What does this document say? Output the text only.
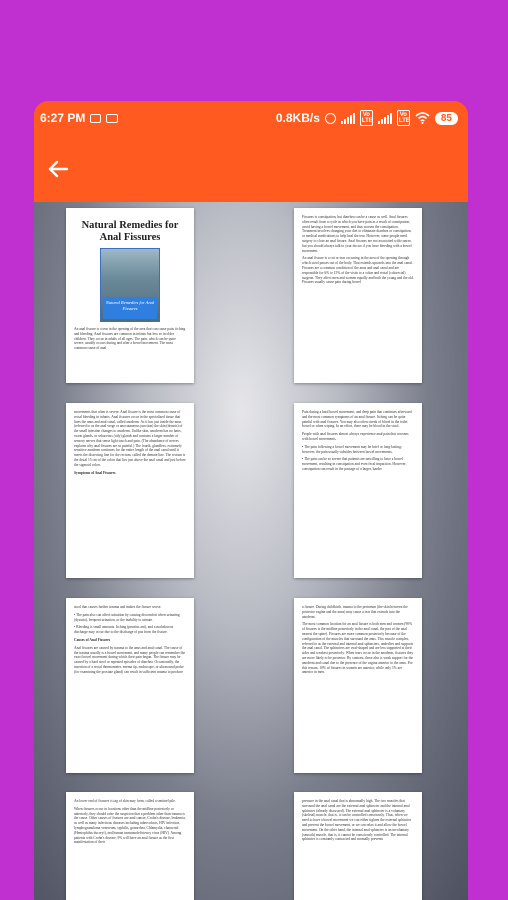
6:27 PM	0.8KB/s	Vo LTE
Vo LTE	85
Natural Remedies for Anal Fissures
Natural Remedies for Anal Fissures

An anal fissure is a tear in the opening of the area that can cause pain, itching and bleeding. Anal fissures are common in infants but less so in older children. They occur in adults of all ages. The pain, which can be quite severe, usually occurs during and after a bowel movement. The most common cause of anal

Fissures is constipation, but diarrhea can be a cause as well. Anal fissures often result from a cycle in which you have pain as a result of constipation, avoid having a bowel movement, and thus worsen the constipation. Treatment involves changing your diet to eliminate diarrhea or constipation, or medical medications to help heal the tear. However, some people need surgery to close an anal fissure. Anal fissures are not associated with cancer, but you should always talk to your doctor if you have bleeding with a bowel movement.

An anal fissure is a cut or tear occurring in the area of the opening through which stool passes out of the body. That extends upwards into the anal canal. Fissures are a common condition of the anus and anal canal and are responsible for 6% to 15% of the visits to a colon and rectal (colorectal) surgeon. They affect men and women equally and both the young and the old. Fissures usually cause pain during bowel

movements that often is severe. Anal fissure is the most common cause of rectal bleeding in infants. Anal fissures occur in the specialized tissue that lines the anus and anal canal, called anoderm. As it has just inside the anus (referred to as the anal verge or anocutaneous junction) the skin (dermis) of the small intestine changes to anoderm. Unlike skin, anoderm has no hairs, sweat glands, or sebaceous (oily) glands and contains a larger number of sensory nerves that sense light touch and pain. (The abundance of nerves explains why anal fissures are so painful.) The fourth, glandless, extremely sensitive anoderm continues for the entire length of the anal canal until it meets the dissecting line for the rectum, called the dentate line. The rectum is the distal 15 cm of the colon that lies just above the anal canal and just before the sigmoid colon.

Symptoms of Anal Fissures

Pain during a hard bowel movement, and deep pain that continues afterward and the most common symptoms of an anal fissure. Itching can be quite painful with anal fissures. You may also often streak of blood in the toilet bowel or when wiping. In an effort, there may be blood in the stool.

People with anal fissures almost always experience anal pain that worsens with bowel movements.

• The pain following a bowel movement may be brief or long-lasting; however, the pain usually subsides between bowel movements.

• The pain can be so severe that patients are unwilling to have a bowel movement, resulting in constipation and even fecal impaction. However, constipation can result in the passage of a larger, harder

stool that causes further trauma and makes the fissure worse.

• The pain also can affect urination by causing discomfort when urinating (dysuria), frequent urination, or the inability to urinate.

• Bleeding is small amounts. Itching (pruritus ani), and a malodorous discharge may occur due to the discharge of pus from the fissure.

Causes of Anal Fissures

Anal fissures are caused by trauma to the anus and anal canal. The cause of the trauma usually is a bowel movement, and many people can remember the exact bowel movement during which their pain began. The fissure may be caused by a hard stool or repeated episodes of diarrhea. Occasionally, the insertion of a rectal thermometer, enema tip, endoscope, or ultrasound probe (for examining the prostate gland) can result in sufficient trauma to produce

a fissure. During childbirth, trauma to the perineum (the skin between the posterior vagina and the anus) may cause a tear that extends into the anoderm.

The most common location for an anal fissure is both men and women (90% of fissures is the midline posteriorly in the anal canal, the part of the anal nearest the spine). Fissures are more common posteriorly because of the configuration of the muscles that surround the anus. This muscle complex, referred to as the external and internal anal sphincters, underlies and supports the anal canal. The sphincters are oval-shaped and are less supported at their sides and weakest posteriorly. When tears occur in the anoderm, fissures they are more likely to be posterior. By contrast, there also is weak support for the anoderm and canal due to the presence of the vagina anterior to the anus. For this reason, 10% of fissures in women are anterior, while only 1% are anterior in men.

An lower end of fissures is tag of skin may form, called a sentinel pile.

When fissures occur in locations other than the midline posteriorly or anteriorly, they should raise the suspicion that a problem other than trauma is the cause. Other causes of fissures are anal cancer, Crohn's disease, leukemia, as well as many infectious diseases including tuberculosis, HIV infection, lymphogranuloma venereum, syphilis, gonorrhea, Chlamydia, chancroid (Hemophilus ducreyi), and human immunodeficiency virus (HIV). Among patients with Crohn's disease, 9% will have an anal fissure as the first manifestation of their

pressure in the anal canal that is abnormally high. The two muscles that surround the anal canal are the external anal sphincter and the internal anal sphincter (already discussed). The external anal sphincter is a voluntary (skeletal) muscle, that is, it can be controlled consciously. Thus, when we need to have a bowel movement we can either tighten the external sphincter and prevent the bowel movement, or we can relax it and allow the bowel movement. On the other hand, the internal anal sphincter is an involuntary (smooth) muscle, that is, it cannot be consciously controlled. The internal sphincter is constantly contracted and normally prevents
